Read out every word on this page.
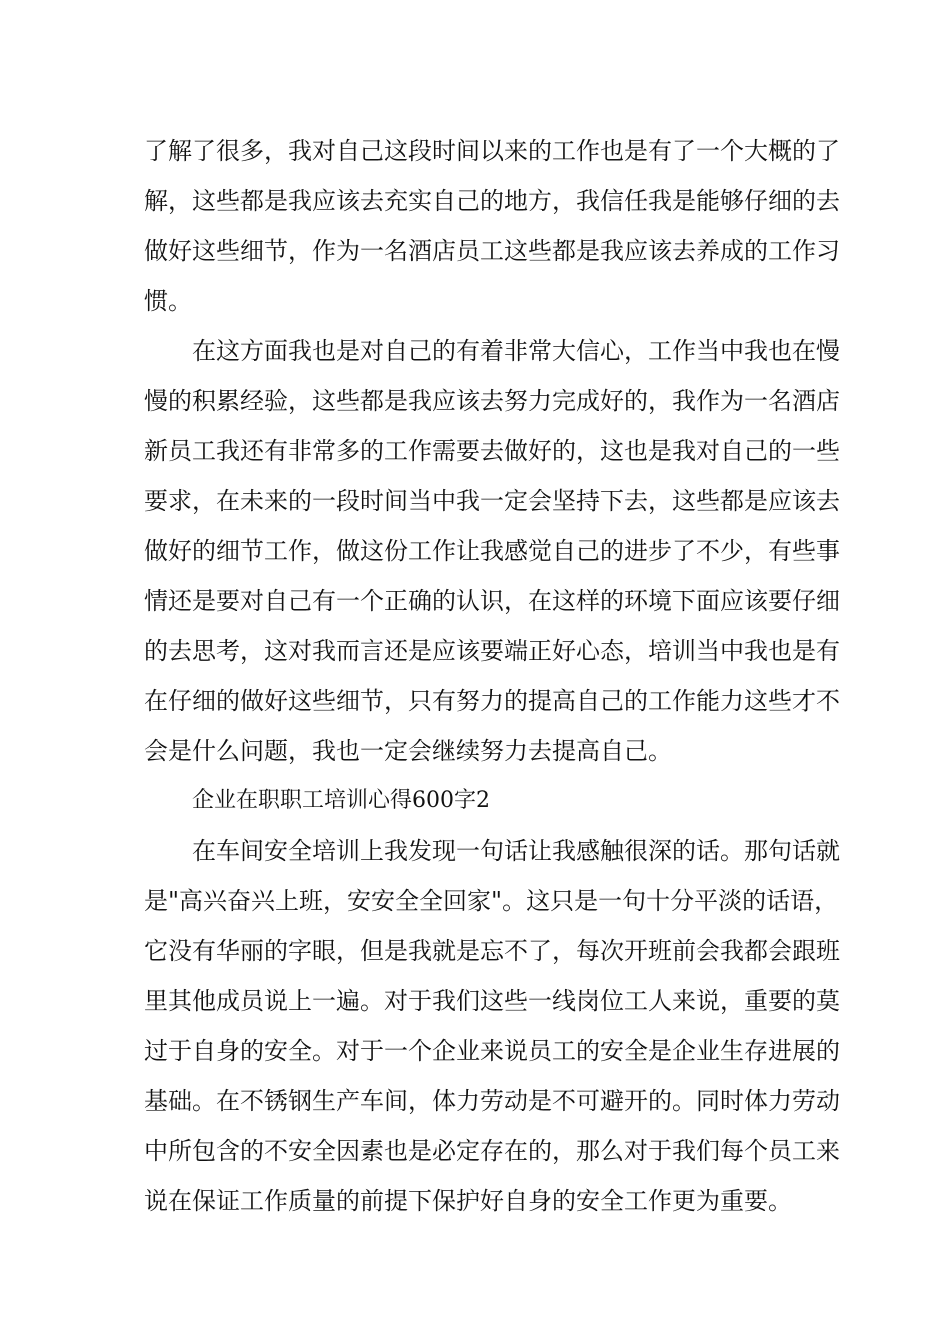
了解了很多，我对自己这段时间以来的工作也是有了一个大概的了
解，这些都是我应该去充实自己的地方，我信任我是能够仔细的去
做好这些细节，作为一名酒店员工这些都是我应该去养成的工作习
惯。
在这方面我也是对自己的有着非常大信心，工作当中我也在慢
慢的积累经验，这些都是我应该去努力完成好的，我作为一名酒店
新员工我还有非常多的工作需要去做好的，这也是我对自己的一些
要求，在未来的一段时间当中我一定会坚持下去，这些都是应该去
做好的细节工作，做这份工作让我感觉自己的进步了不少，有些事
情还是要对自己有一个正确的认识，在这样的环境下面应该要仔细
的去思考，这对我而言还是应该要端正好心态，培训当中我也是有
在仔细的做好这些细节，只有努力的提高自己的工作能力这些才不
会是什么问题，我也一定会继续努力去提高自己。
企业在职职工培训心得600字2
在车间安全培训上我发现一句话让我感触很深的话。那句话就
是"高兴奋兴上班，安安全全回家"。这只是一句十分平淡的话语，
它没有华丽的字眼，但是我就是忘不了，每次开班前会我都会跟班
里其他成员说上一遍。对于我们这些一线岗位工人来说，重要的莫
过于自身的安全。对于一个企业来说员工的安全是企业生存进展的
基础。在不锈钢生产车间，体力劳动是不可避开的。同时体力劳动
中所包含的不安全因素也是必定存在的，那么对于我们每个员工来
说在保证工作质量的前提下保护好自身的安全工作更为重要。
